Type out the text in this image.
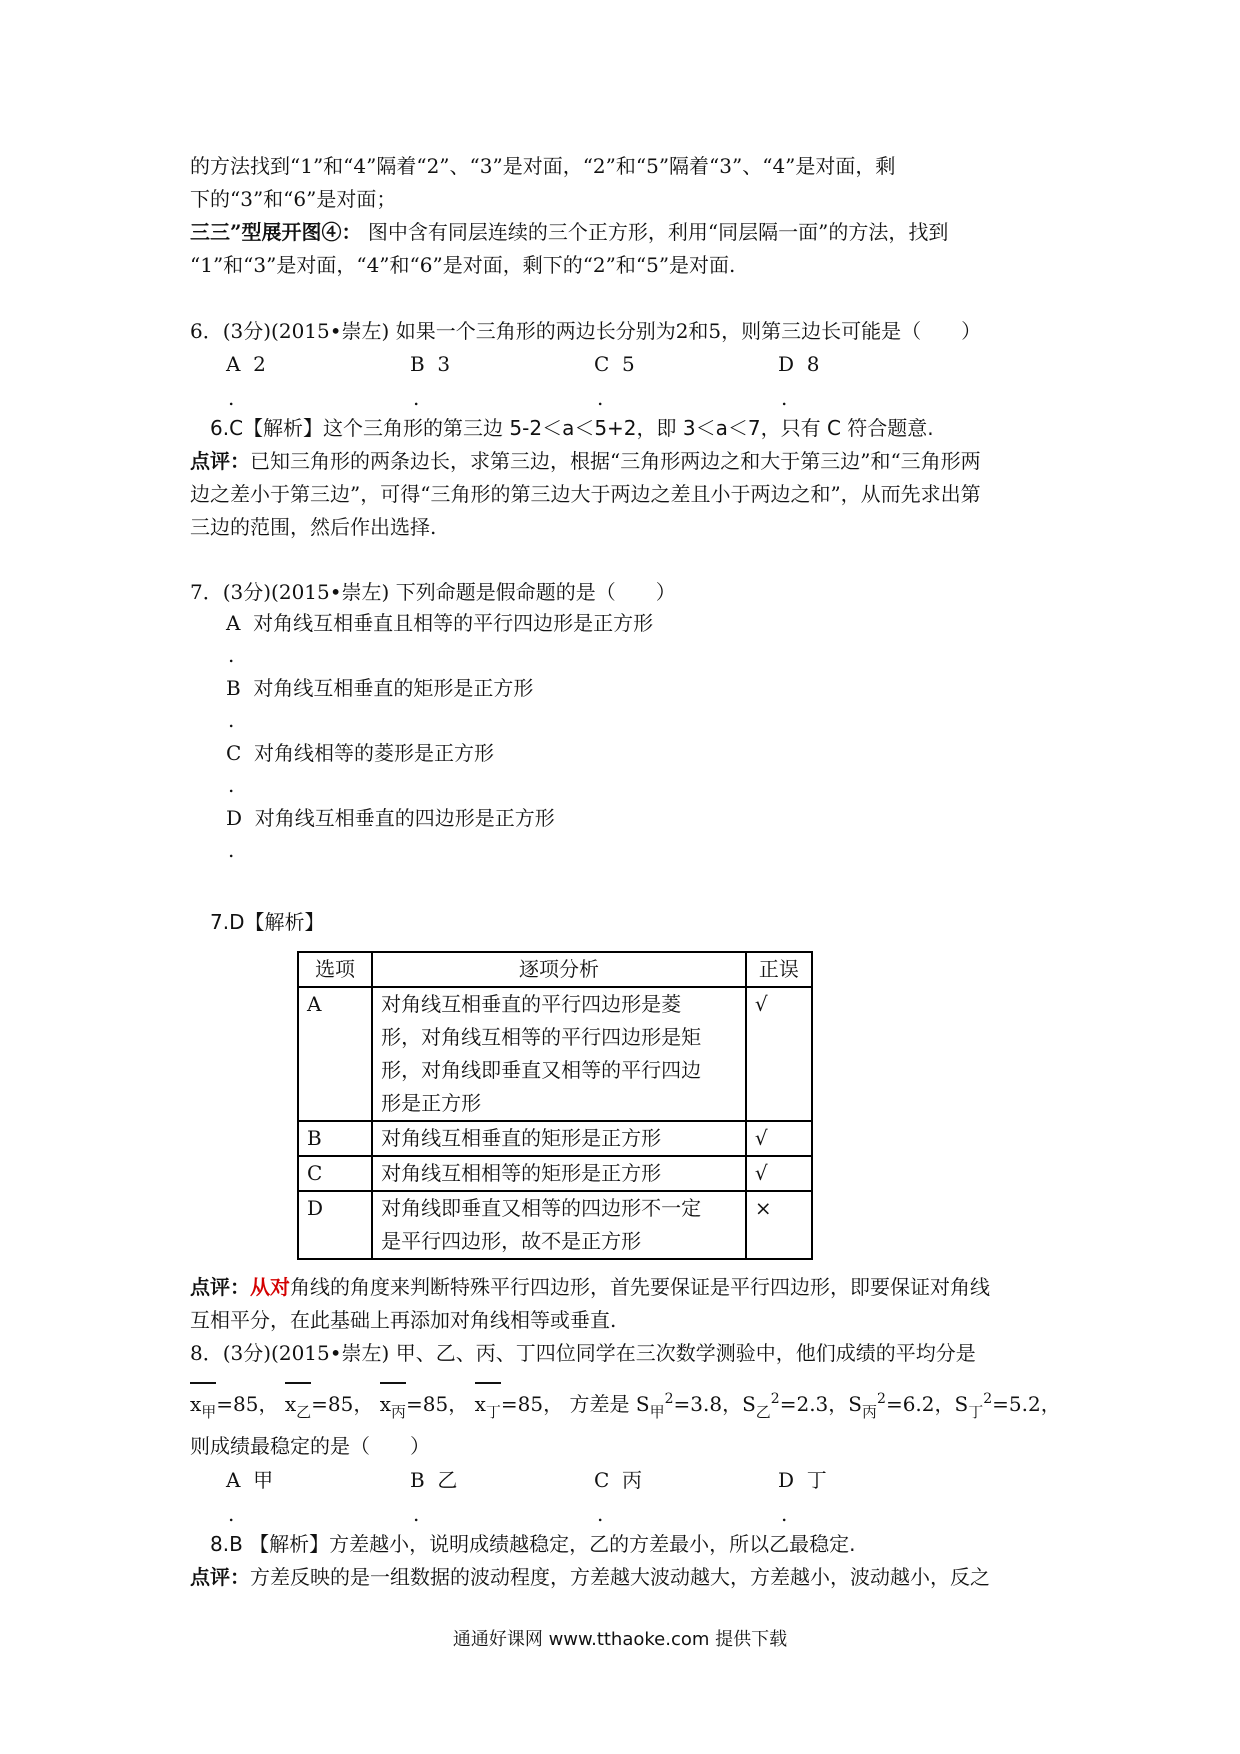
的方法找到“1”和“4”隔着“2”、“3”是对面，“2”和“5”隔着“3”、“4”是对面，剩
下的“3”和“6”是对面；
三三”型展开图④： 图中含有同层连续的三个正方形，利用“同层隔一面”的方法，找到
“1”和“3”是对面，“4”和“6”是对面，剩下的“2”和“5”是对面.
6．(3分)(2015•崇左) 如果一个三角形的两边长分别为2和5，则第三边长可能是（　　）
A 2	B 3	C 5	D 8
.	.	.	.
6.C【解析】这个三角形的第三边 5-2＜a＜5+2，即 3＜a＜7，只有 C 符合题意.
点评：已知三角形的两条边长，求第三边，根据“三角形两边之和大于第三边”和“三角形两
边之差小于第三边”，可得“三角形的第三边大于两边之差且小于两边之和”，从而先求出第
三边的范围，然后作出选择.
7．(3分)(2015•崇左) 下列命题是假命题的是（　　）
A 对角线互相垂直且相等的平行四边形是正方形
.
B 对角线互相垂直的矩形是正方形
.
C 对角线相等的菱形是正方形
.
D 对角线互相垂直的四边形是正方形
.
7.D【解析】
选项	逐项分析	正误
A	对角线互相垂直的平行四边形是菱
形，对角线互相等的平行四边形是矩
形，对角线即垂直又相等的平行四边
形是正方形	√
B	对角线互相垂直的矩形是正方形	√
C	对角线互相相等的矩形是正方形	√
D	对角线即垂直又相等的四边形不一定
是平行四边形，故不是正方形	×
点评：从对角线的角度来判断特殊平行四边形，首先要保证是平行四边形，即要保证对角线
互相平分，在此基础上再添加对角线相等或垂直.
8．(3分)(2015•崇左) 甲、乙、丙、丁四位同学在三次数学测验中，他们成绩的平均分是
$x_甲=85$， $x_乙=85$， $x_丙=85$， $x_丁=85$， 方差是 $S_甲^2=3.8$，$S_乙^2=2.3$，$S_丙^2=6.2$，$S_丁^2=5.2$，
则成绩最稳定的是（　　）
A 甲	B 乙	C 丙	D 丁
.	.	.	.
8.B 【解析】方差越小，说明成绩越稳定，乙的方差最小，所以乙最稳定.
点评：方差反映的是一组数据的波动程度，方差越大波动越大，方差越小，波动越小，反之
通通好课网 www.tthaoke.com 提供下载
